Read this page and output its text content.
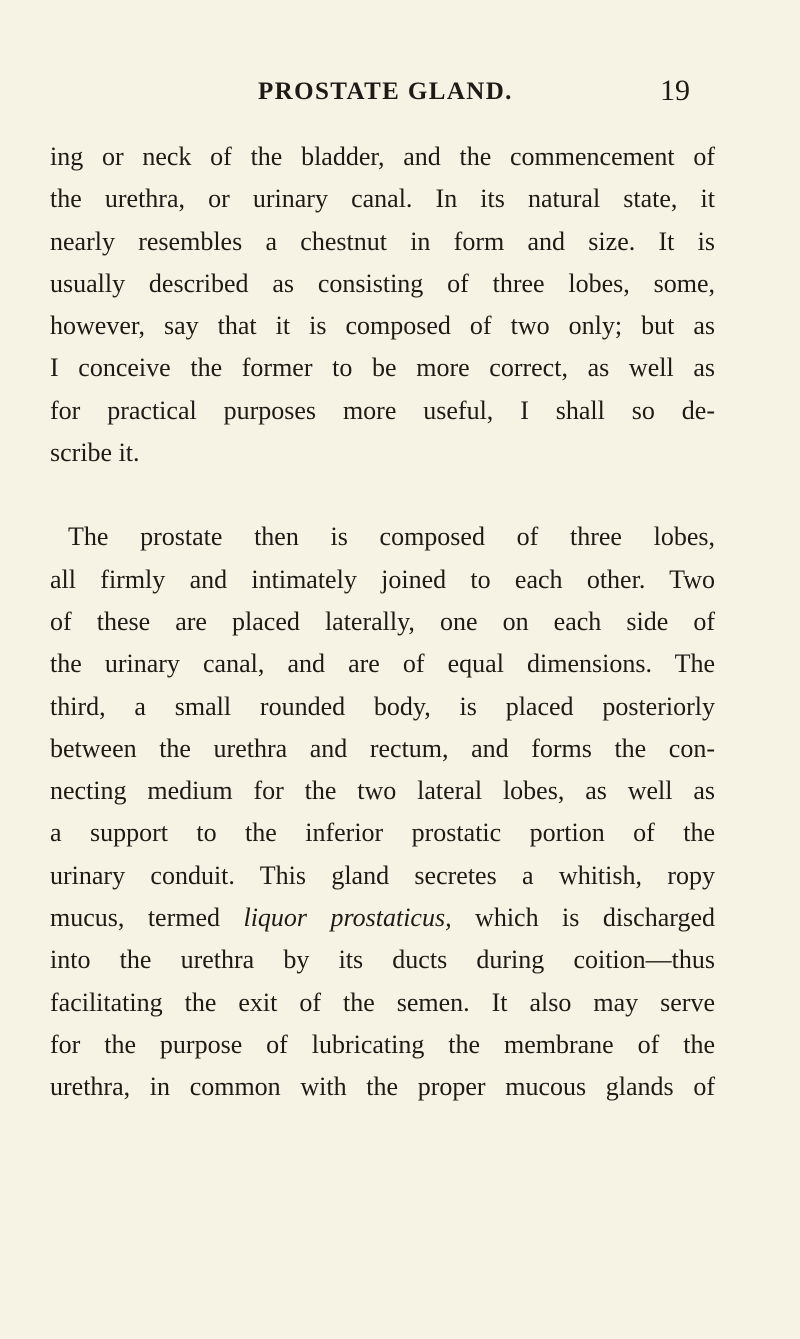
PROSTATE GLAND.	19
ing or neck of the bladder, and the commencement of
the urethra, or urinary canal. In its natural state, it
nearly resembles a chestnut in form and size. It is
usually described as consisting of three lobes, some,
however, say that it is composed of two only; but as
I conceive the former to be more correct, as well as
for practical purposes more useful, I shall so de-
scribe it.
The prostate then is composed of three lobes,
all firmly and intimately joined to each other. Two
of these are placed laterally, one on each side of
the urinary canal, and are of equal dimensions. The
third, a small rounded body, is placed posteriorly
between the urethra and rectum, and forms the con-
necting medium for the two lateral lobes, as well as
a support to the inferior prostatic portion of the
urinary conduit. This gland secretes a whitish, ropy
mucus, termed liquor prostaticus, which is discharged
into the urethra by its ducts during coition—thus
facilitating the exit of the semen. It also may serve
for the purpose of lubricating the membrane of the
urethra, in common with the proper mucous glands of
